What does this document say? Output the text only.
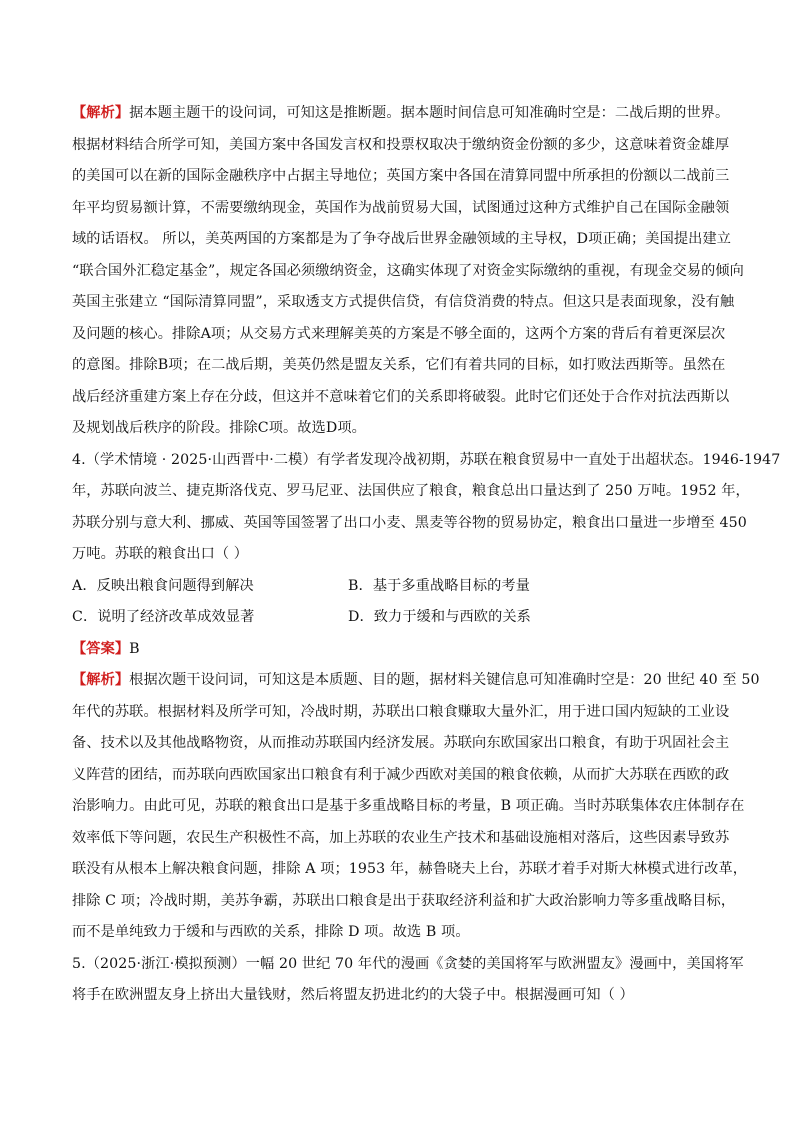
【解析】据本题主题干的设问词，可知这是推断题。据本题时间信息可知准确时空是：二战后期的世界。
根据材料结合所学可知，美国方案中各国发言权和投票权取决于缴纳资金份额的多少，这意味着资金雄厚
的美国可以在新的国际金融秩序中占据主导地位；英国方案中各国在清算同盟中所承担的份额以二战前三
年平均贸易额计算，不需要缴纳现金，英国作为战前贸易大国，试图通过这种方式维护自己在国际金融领
域的话语权。 所以，美英两国的方案都是为了争夺战后世界金融领域的主导权，D项正确；美国提出建立
“联合国外汇稳定基金”，规定各国必须缴纳资金，这确实体现了对资金实际缴纳的重视，有现金交易的倾向
英国主张建立 “国际清算同盟”，采取透支方式提供信贷，有信贷消费的特点。但这只是表面现象，没有触
及问题的核心。排除A项；从交易方式来理解美英的方案是不够全面的，这两个方案的背后有着更深层次
的意图。排除B项；在二战后期，美英仍然是盟友关系，它们有着共同的目标，如打败法西斯等。虽然在
战后经济重建方案上存在分歧，但这并不意味着它们的关系即将破裂。此时它们还处于合作对抗法西斯以
及规划战后秩序的阶段。排除C项。故选D项。
4.（学术情境 · 2025·山西晋中·二模）有学者发现冷战初期，苏联在粮食贸易中一直处于出超状态。1946-1947
年，苏联向波兰、捷克斯洛伐克、罗马尼亚、法国供应了粮食，粮食总出口量达到了 250 万吨。1952 年，
苏联分别与意大利、挪威、英国等国签署了出口小麦、黑麦等谷物的贸易协定，粮食出口量进一步增至 450
万吨。苏联的粮食出口（ ）
A．反映出粮食问题得到解决	B．基于多重战略目标的考量
C．说明了经济改革成效显著	D．致力于缓和与西欧的关系
【答案】B
【解析】根据次题干设问词，可知这是本质题、目的题，据材料关键信息可知准确时空是：20 世纪 40 至 50
年代的苏联。根据材料及所学可知，冷战时期，苏联出口粮食赚取大量外汇，用于进口国内短缺的工业设
备、技术以及其他战略物资，从而推动苏联国内经济发展。苏联向东欧国家出口粮食，有助于巩固社会主
义阵营的团结，而苏联向西欧国家出口粮食有利于减少西欧对美国的粮食依赖，从而扩大苏联在西欧的政
治影响力。由此可见，苏联的粮食出口是基于多重战略目标的考量，B 项正确。当时苏联集体农庄体制存在
效率低下等问题，农民生产积极性不高，加上苏联的农业生产技术和基础设施相对落后，这些因素导致苏
联没有从根本上解决粮食问题，排除 A 项；1953 年，赫鲁晓夫上台，苏联才着手对斯大林模式进行改革，
排除 C 项；冷战时期，美苏争霸，苏联出口粮食是出于获取经济利益和扩大政治影响力等多重战略目标，
而不是单纯致力于缓和与西欧的关系，排除 D 项。故选 B 项。
5.（2025·浙江·模拟预测）一幅 20 世纪 70 年代的漫画《贪婪的美国将军与欧洲盟友》漫画中，美国将军
将手在欧洲盟友身上挤出大量钱财，然后将盟友扔进北约的大袋子中。根据漫画可知（ ）
